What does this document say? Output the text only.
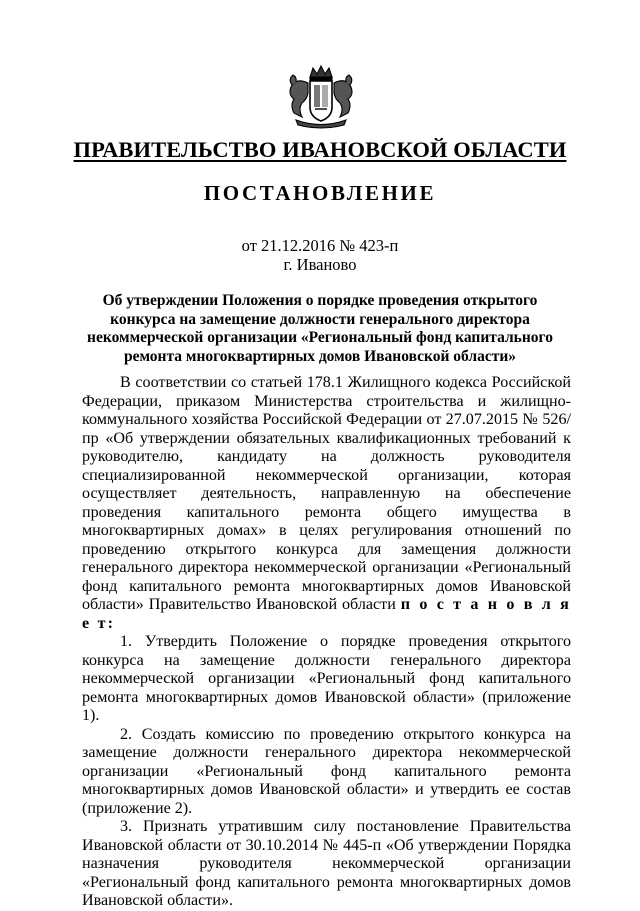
ПРАВИТЕЛЬСТВО ИВАНОВСКОЙ ОБЛАСТИ
ПОСТАНОВЛЕНИЕ
от 21.12.2016 № 423-п
г. Иваново
Об утверждении Положения о порядке проведения открытого конкурса на замещение должности генерального директора некоммерческой организации «Региональный фонд капитального ремонта многоквартирных домов Ивановской области»

В соответствии со статьей 178.1 Жилищного кодекса Российской Федерации, приказом Министерства строительства и жилищно-коммунального хозяйства Российской Федерации от 27.07.2015 № 526/пр «Об утверждении обязательных квалификационных требований к руководителю, кандидату на должность руководителя специализированной некоммерческой организации, которая осуществляет деятельность, направленную на обеспечение проведения капитального ремонта общего имущества в многоквартирных домах» в целях регулирования отношений по проведению открытого конкурса для замещения должности генерального директора некоммерческой организации «Региональный фонд капитального ремонта многоквартирных домов Ивановской области» Правительство Ивановской области п о с т а н о в л я е т:

1. Утвердить Положение о порядке проведения открытого конкурса на замещение должности генерального директора некоммерческой организации «Региональный фонд капитального ремонта многоквартирных домов Ивановской области» (приложение 1).

2. Создать комиссию по проведению открытого конкурса на замещение должности генерального директора некоммерческой организации «Региональный фонд капитального ремонта многоквартирных домов Ивановской области» и утвердить ее состав (приложение 2).

3. Признать утратившим силу постановление Правительства Ивановской области от 30.10.2014 № 445-п «Об утверждении Порядка назначения руководителя некоммерческой организации «Региональный фонд капитального ремонта многоквартирных домов Ивановской области».
